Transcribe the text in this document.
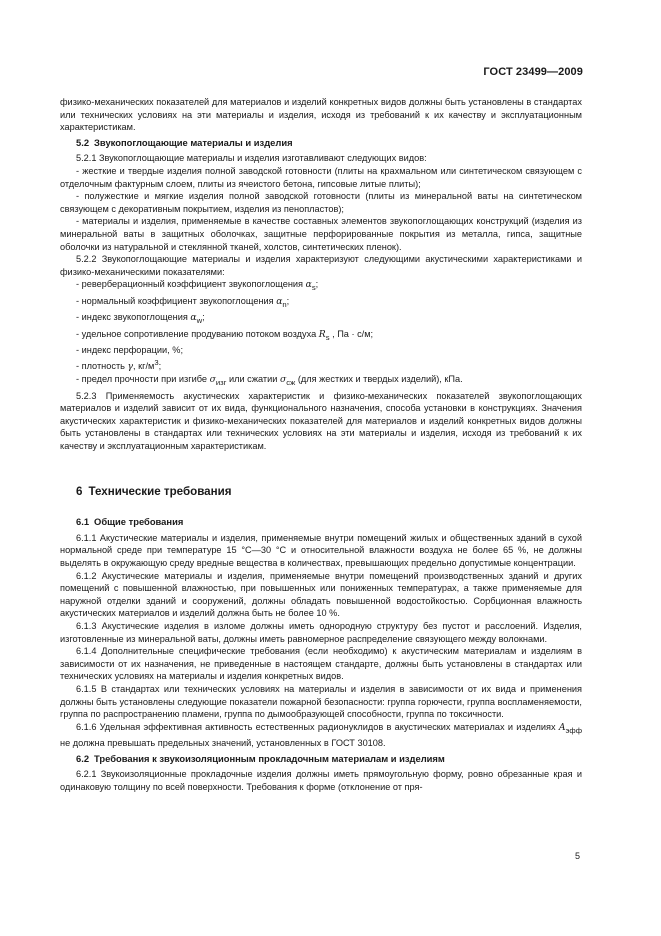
ГОСТ 23499—2009

физико-механических показателей для материалов и изделий конкретных видов должны быть установлены в стандартах или технических условиях на эти материалы и изделия, исходя из требований к их качеству и эксплуатационным характеристикам.

5.2 Звукопоглощающие материалы и изделия

5.2.1 Звукопоглощающие материалы и изделия изготавливают следующих видов:

- жесткие и твердые изделия полной заводской готовности (плиты на крахмальном или синтетическом связующем с отделочным фактурным слоем, плиты из ячеистого бетона, гипсовые литые плиты);

- полужесткие и мягкие изделия полной заводской готовности (плиты из минеральной ваты на синтетическом связующем с декоративным покрытием, изделия из пенопластов);

- материалы и изделия, применяемые в качестве составных элементов звукопоглощающих конструкций (изделия из минеральной ваты в защитных оболочках, защитные перфорированные покрытия из металла, гипса, защитные оболочки из натуральной и стеклянной тканей, холстов, синтетических пленок).

5.2.2 Звукопоглощающие материалы и изделия характеризуют следующими акустическими характеристиками и физико-механическими показателями:

- реверберационный коэффициент звукопоглощения $\alpha_s$;

- нормальный коэффициент звукопоглощения $\alpha_n$;

- индекс звукопоглощения $\alpha_w$;

- удельное сопротивление продуванию потоком воздуха $R_s$ , Па · с/м;

- индекс перфорации, %;

- плотность γ, $кг/м^3$;

- предел прочности при изгибе $\sigma_{изг}$ или сжатии $\sigma_{сж}$ (для жестких и твердых изделий), кПа.

5.2.3 Применяемость акустических характеристик и физико-механических показателей звукопоглощающих материалов и изделий зависит от их вида, функционального назначения, способа установки в конструкциях. Значения акустических характеристик и физико-механических показателей для материалов и изделий конкретных видов должны быть установлены в стандартах или технических условиях на эти материалы и изделия, исходя из требований к их качеству и эксплуатационным характеристикам.

6 Технические требования
6.1 Общие требования

6.1.1 Акустические материалы и изделия, применяемые внутри помещений жилых и общественных зданий в сухой нормальной среде при температуре 15 °С—30 °С и относительной влажности воздуха не более 65 %, не должны выделять в окружающую среду вредные вещества в количествах, превышающих предельно допустимые концентрации.

6.1.2 Акустические материалы и изделия, применяемые внутри помещений производственных зданий и других помещений с повышенной влажностью, при повышенных или пониженных температурах, а также применяемые для наружной отделки зданий и сооружений, должны обладать повышенной водостойкостью. Сорбционная влажность акустических материалов и изделий должна быть не более 10 %.

6.1.3 Акустические изделия в изломе должны иметь однородную структуру без пустот и расслоений. Изделия, изготовленные из минеральной ваты, должны иметь равномерное распределение связующего между волокнами.

6.1.4 Дополнительные специфические требования (если необходимо) к акустическим материалам и изделиям в зависимости от их назначения, не приведенные в настоящем стандарте, должны быть установлены в стандартах или технических условиях на материалы и изделия конкретных видов.

6.1.5 В стандартах или технических условиях на материалы и изделия в зависимости от их вида и применения должны быть установлены следующие показатели пожарной безопасности: группа горючести, группа воспламеняемости, группа по распространению пламени, группа по дымообразующей способности, группа по токсичности.

6.1.6 Удельная эффективная активность естественных радионуклидов в акустических материалах и изделиях $A_{эфф}$ не должна превышать предельных значений, установленных в ГОСТ 30108.

6.2 Требования к звукоизоляционным прокладочным материалам и изделиям

6.2.1 Звукоизоляционные прокладочные изделия должны иметь прямоугольную форму, ровно обрезанные края и одинаковую толщину по всей поверхности. Требования к форме (отклонение от пря-

5
